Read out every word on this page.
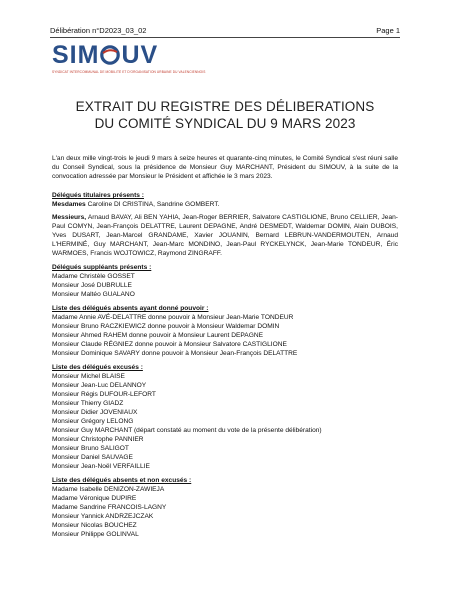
Délibération n°D2023_03_02	Page 1
SIM UV
SYNDICAT INTERCOMMUNAL DE MOBILITÉ ET D'ORGANISATION URBAINE DU VALENCIENNOIS
EXTRAIT DU REGISTRE DES DÉLIBERATIONS
DU COMITÉ SYNDICAL DU 9 MARS 2023

L'an deux mille vingt-trois le jeudi 9 mars à seize heures et quarante-cinq minutes, le Comité Syndical s'est réuni salle du Conseil Syndical, sous la présidence de Monsieur Guy MARCHANT, Président du SIMOUV, à la suite de la convocation adressée par Monsieur le Président et affichée le 3 mars 2023.

Délégués titulaires présents :
Mesdames Caroline DI CRISTINA, Sandrine GOMBERT.
Messieurs, Arnaud BAVAY, Ali BEN YAHIA, Jean-Roger BERRIER, Salvatore CASTIGLIONE, Bruno CELLIER, Jean-Paul COMYN, Jean-François DELATTRE, Laurent DEPAGNE, André DESMEDT, Waldemar DOMIN, Alain DUBOIS, Yves DUSART, Jean-Marcel GRANDAME, Xavier JOUANIN, Bernard LEBRUN-VANDERMOUTEN, Arnaud L'HERMINÉ, Guy MARCHANT, Jean-Marc MONDINO, Jean-Paul RYCKELYNCK, Jean-Marie TONDEUR, Éric WARMOES, Francis WOJTOWICZ, Raymond ZINGRAFF.
Délégués suppléants présents :
Madame Christèle GOSSET
Monsieur José DUBRULLE
Monsieur Maltéo GUALANO
Liste des délégués absents ayant donné pouvoir :
Madame Annie AVÉ-DELATTRE donne pouvoir à Monsieur Jean-Marie TONDEUR
Monsieur Bruno RACZKIEWICZ donne pouvoir à Monsieur Waldemar DOMIN
Monsieur Ahmed RAHEM donne pouvoir à Monsieur Laurent DEPAGNE
Monsieur Claude RÉGNIEZ donne pouvoir à Monsieur Salvatore CASTIGLIONE
Monsieur Dominique SAVARY donne pouvoir à Monsieur Jean-François DELATTRE
Liste des délégués excusés :
Monsieur Michel BLAISE
Monsieur Jean-Luc DELANNOY
Monsieur Régis DUFOUR-LEFORT
Monsieur Thierry GIADZ
Monsieur Didier JOVENIAUX
Monsieur Grégory LELONG
Monsieur Guy MARCHANT (départ constaté au moment du vote de la présente délibération)
Monsieur Christophe PANNIER
Monsieur Bruno SALIGOT
Monsieur Daniel SAUVAGE
Monsieur Jean-Noël VERFAILLIE
Liste des délégués absents et non excusés :
Madame Isabelle DENIZON-ZAWIEJA
Madame Véronique DUPIRE
Madame Sandrine FRANCOIS-LAGNY
Monsieur Yannick ANDRZEJCZAK
Monsieur Nicolas BOUCHEZ
Monsieur Philippe GOLINVAL
